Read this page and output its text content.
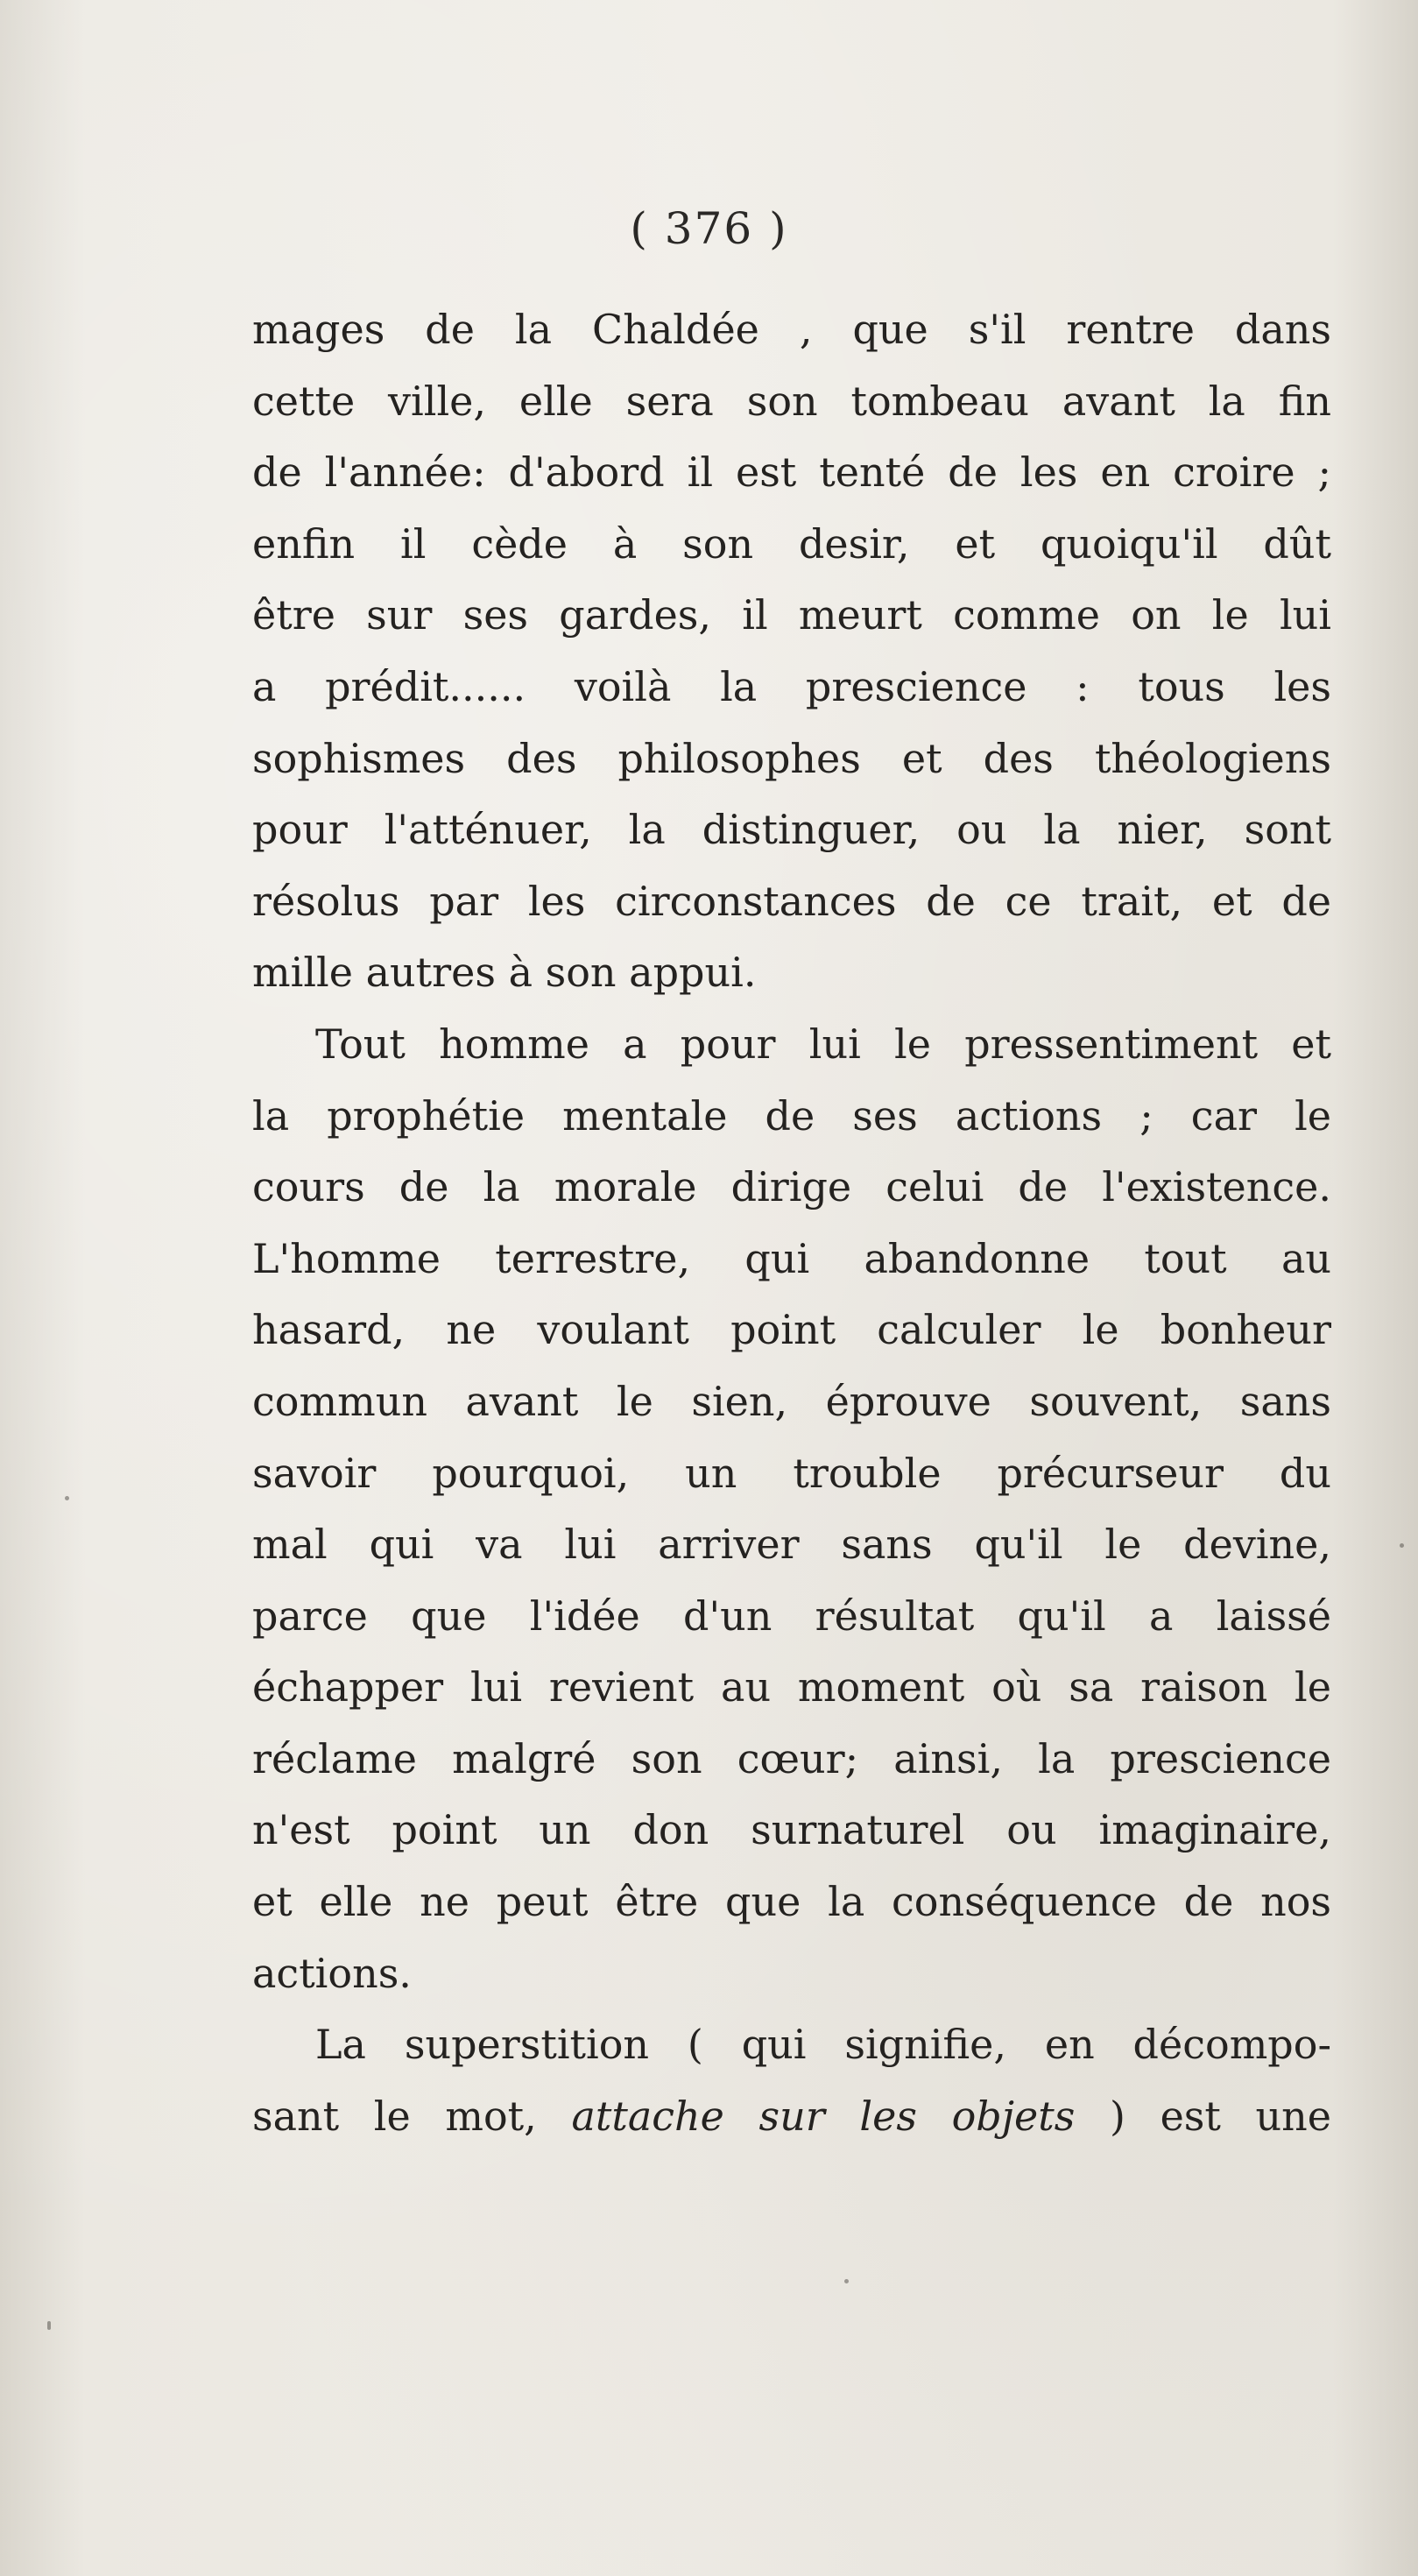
( 376 )
mages de la Chaldée , que s'il rentre dans
cette ville, elle sera son tombeau avant la fin
de l'année: d'abord il est tenté de les en croire ;
enfin il cède à son desir, et quoiqu'il dût
être sur ses gardes, il meurt comme on le lui
a prédit...... voilà la prescience : tous les
sophismes des philosophes et des théologiens
pour l'atténuer, la distinguer, ou la nier, sont
résolus par les circonstances de ce trait, et de
mille autres à son appui.
Tout homme a pour lui le pressentiment et
la prophétie mentale de ses actions ; car le
cours de la morale dirige celui de l'existence.
L'homme terrestre, qui abandonne tout au
hasard, ne voulant point calculer le bonheur
commun avant le sien, éprouve souvent, sans
savoir pourquoi, un trouble précurseur du
mal qui va lui arriver sans qu'il le devine,
parce que l'idée d'un résultat qu'il a laissé
échapper lui revient au moment où sa raison le
réclame malgré son cœur; ainsi, la prescience
n'est point un don surnaturel ou imaginaire,
et elle ne peut être que la conséquence de nos
actions.
La superstition ( qui signifie, en décompo-
sant le mot, attache sur les objets ) est une
